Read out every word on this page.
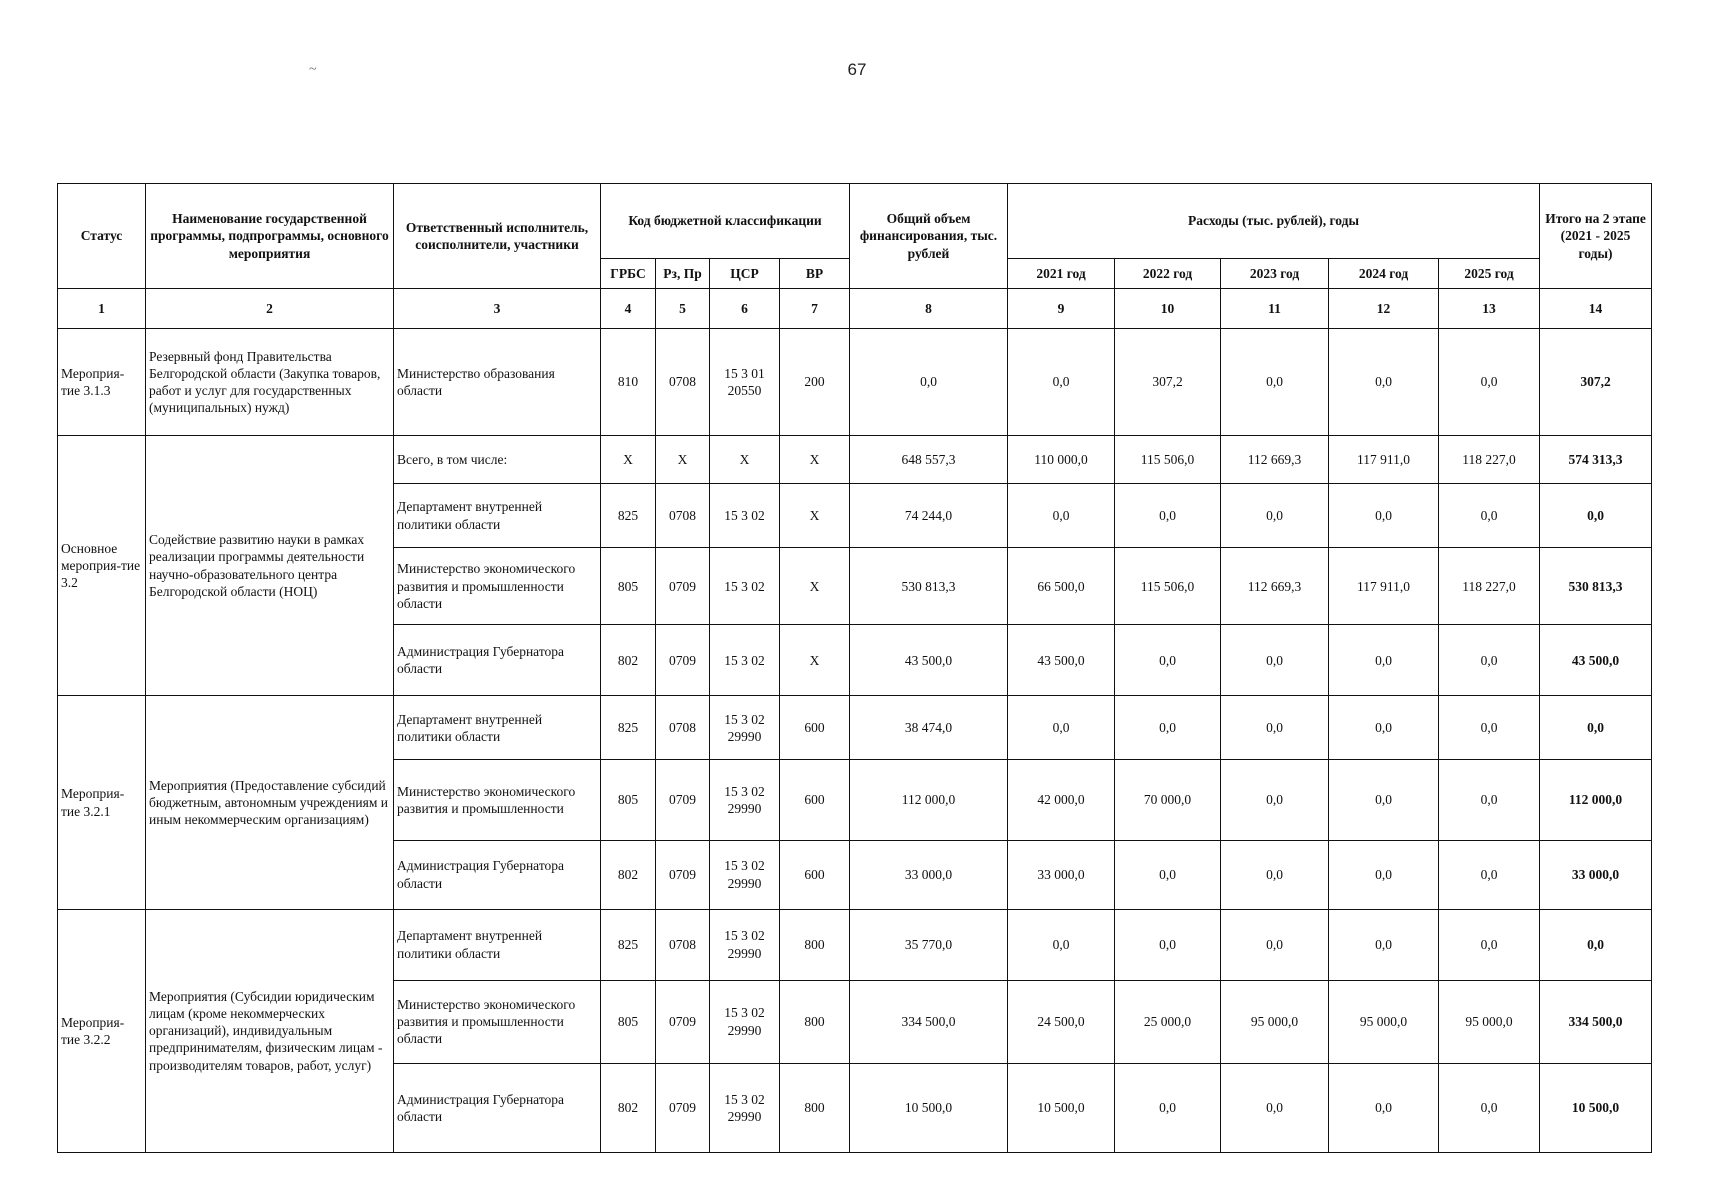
~	67
Статус	Наименование государственной программы, подпрограммы, основного мероприятия	Ответственный исполнитель, соисполнители, участники	Код бюджетной классификации				Общий объем финансирования, тыс. рублей	Расходы (тыс. рублей), годы					Итого на 2 этапе (2021 - 2025 годы)
			ГРБС	Рз, Пр	ЦСР	ВР		2021 год	2022 год	2023 год	2024 год	2025 год	
1	2	3	4	5	6	7	8	9	10	11	12	13	14
Мероприя-тие 3.1.3	Резервный фонд Правительства Белгородской области (Закупка товаров, работ и услуг для государственных (муниципальных) нужд)	Министерство образования области	810	0708	15 3 01 20550	200	0,0	0,0	307,2	0,0	0,0	0,0	307,2
Основное мероприя-тие 3.2	Содействие развитию науки в рамках реализации программы деятельности научно-образовательного центра Белгородской области (НОЦ)	Всего, в том числе:	Х	Х	Х	Х	648 557,3	110 000,0	115 506,0	112 669,3	117 911,0	118 227,0	574 313,3
		Департамент внутренней политики области	825	0708	15 3 02	Х	74 244,0	0,0	0,0	0,0	0,0	0,0	0,0
		Министерство экономического развития и промышленности области	805	0709	15 3 02	Х	530 813,3	66 500,0	115 506,0	112 669,3	117 911,0	118 227,0	530 813,3
		Администрация Губернатора области	802	0709	15 3 02	Х	43 500,0	43 500,0	0,0	0,0	0,0	0,0	43 500,0
Мероприя-тие 3.2.1	Мероприятия (Предоставление субсидий бюджетным, автономным учреждениям и иным некоммерческим организациям)	Департамент внутренней политики области	825	0708	15 3 02 29990	600	38 474,0	0,0	0,0	0,0	0,0	0,0	0,0
		Министерство экономического развития и промышленности	805	0709	15 3 02 29990	600	112 000,0	42 000,0	70 000,0	0,0	0,0	0,0	112 000,0
		Администрация Губернатора области	802	0709	15 3 02 29990	600	33 000,0	33 000,0	0,0	0,0	0,0	0,0	33 000,0
Мероприя-тие 3.2.2	Мероприятия (Субсидии юридическим лицам (кроме некоммерческих организаций), индивидуальным предпринимателям, физическим лицам - производителям товаров, работ, услуг)	Департамент внутренней политики области	825	0708	15 3 02 29990	800	35 770,0	0,0	0,0	0,0	0,0	0,0	0,0
		Министерство экономического развития и промышленности области	805	0709	15 3 02 29990	800	334 500,0	24 500,0	25 000,0	95 000,0	95 000,0	95 000,0	334 500,0
		Администрация Губернатора области	802	0709	15 3 02 29990	800	10 500,0	10 500,0	0,0	0,0	0,0	0,0	10 500,0
